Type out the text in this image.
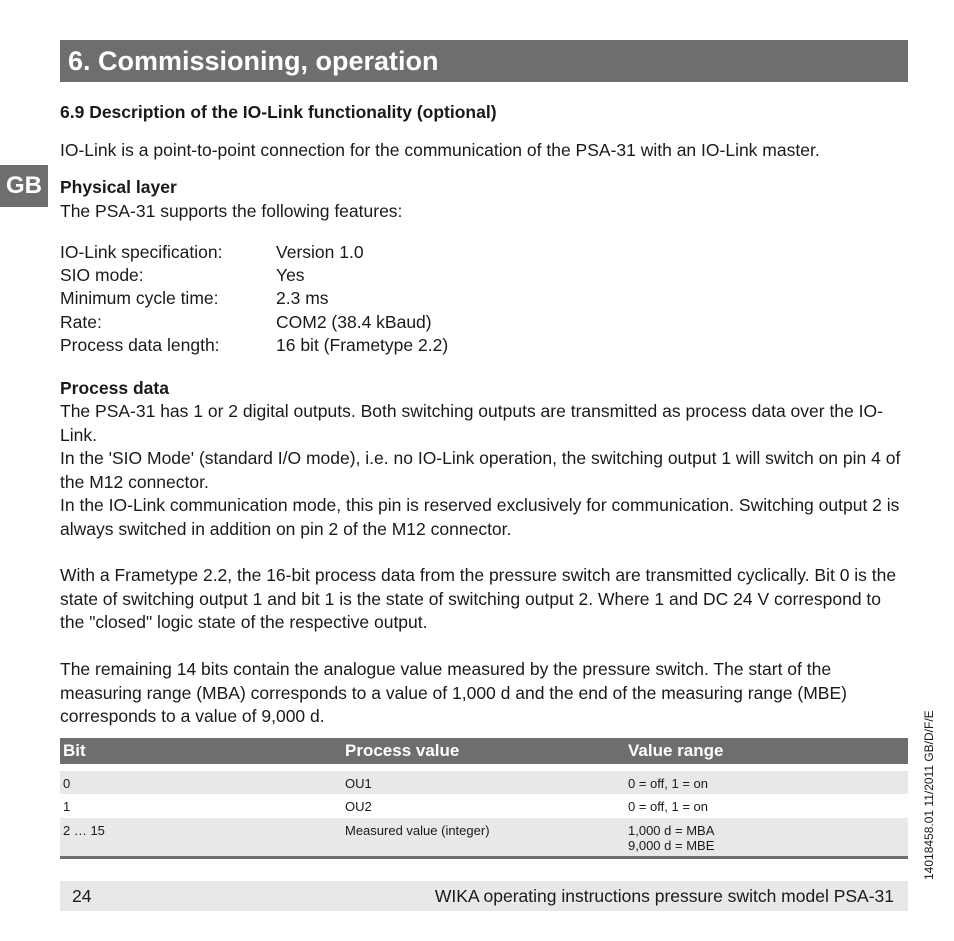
6. Commissioning, operation
GB
6.9 Description of the IO-Link functionality (optional)
IO-Link is a point-to-point connection for the communication of the PSA-31 with an IO-Link master.
Physical layer
The PSA-31 supports the following features:
IO-Link specification:	Version 1.0
SIO mode:	Yes
Minimum cycle time:	2.3 ms
Rate:	COM2 (38.4 kBaud)
Process data length:	16 bit (Frametype 2.2)
Process data
The PSA-31 has 1 or 2 digital outputs. Both switching outputs are transmitted as process data over the IO-Link.
In the 'SIO Mode' (standard I/O mode), i.e. no IO-Link operation, the switching output 1 will switch on pin 4 of the M12 connector.
In the IO-Link communication mode, this pin is reserved exclusively for communication. Switching output 2 is always switched in addition on pin 2 of the M12 connector.
With a Frametype 2.2, the 16-bit process data from the pressure switch are transmitted cyclically. Bit 0 is the state of switching output 1 and bit 1 is the state of switching output 2. Where 1 and DC 24 V correspond to the "closed" logic state of the respective output.
The remaining 14 bits contain the analogue value measured by the pressure switch. The start of the measuring range (MBA) corresponds to a value of 1,000 d and the end of the measuring range (MBE) corresponds to a value of 9,000 d.
Bit	Process value	Value range
0	OU1	0 = off, 1 = on
1	OU2	0 = off, 1 = on
2 … 15	Measured value (integer)	1,000 d = MBA
9,000 d = MBE
24	WIKA operating instructions pressure switch model PSA-31
14018458.01 11/2011 GB/D/F/E
